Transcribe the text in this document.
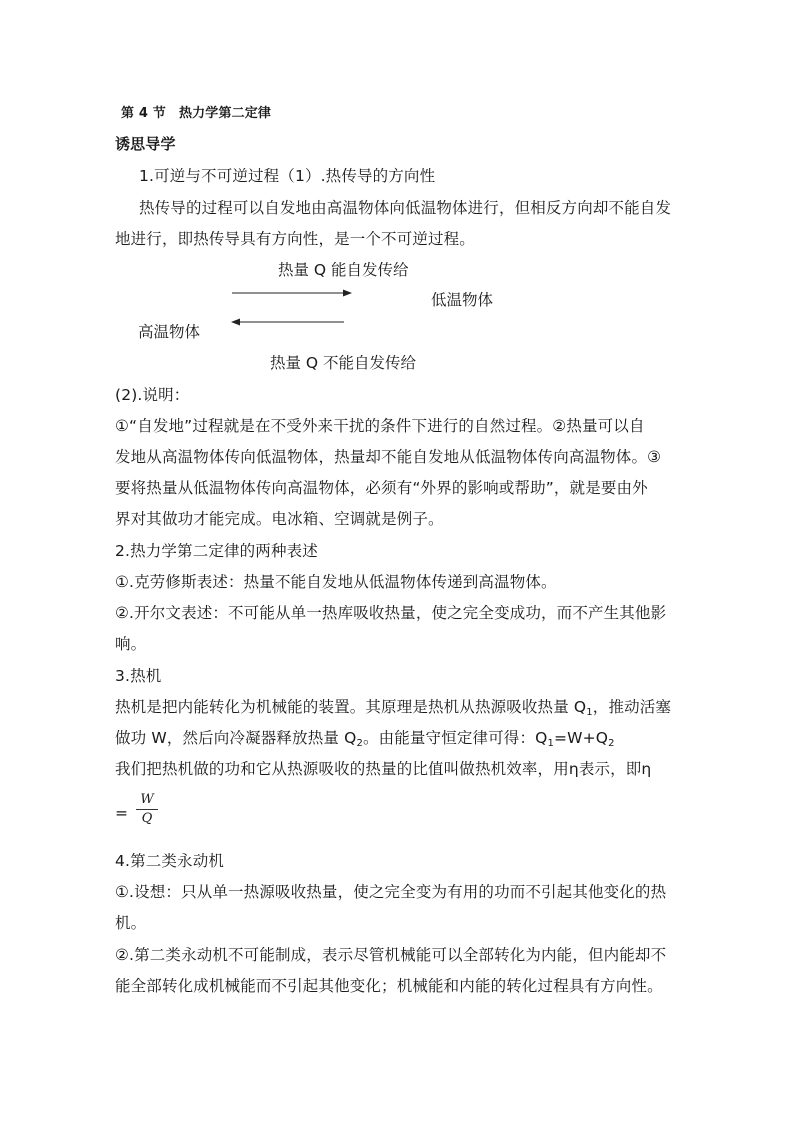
第 4 节　热力学第二定律
诱思导学
1.可逆与不可逆过程（1）.热传导的方向性
热传导的过程可以自发地由高温物体向低温物体进行，但相反方向却不能自发
地进行，即热传导具有方向性，是一个不可逆过程。
热量 Q 能自发传给
低温物体
高温物体
热量 Q 不能自发传给
(2).说明：
①“自发地”过程就是在不受外来干扰的条件下进行的自然过程。②热量可以自
发地从高温物体传向低温物体，热量却不能自发地从低温物体传向高温物体。③
要将热量从低温物体传向高温物体，必须有“外界的影响或帮助”，就是要由外
界对其做功才能完成。电冰箱、空调就是例子。
2.热力学第二定律的两种表述
①.克劳修斯表述：热量不能自发地从低温物体传递到高温物体。
②.开尔文表述：不可能从单一热库吸收热量，使之完全变成功，而不产生其他影
响。
3.热机
热机是把内能转化为机械能的装置。其原理是热机从热源吸收热量 $Q_1$，推动活塞
做功 W，然后向冷凝器释放热量 $Q_2$。由能量守恒定律可得：$Q_1=W+Q_2$
我们把热机做的功和它从热源吸收的热量的比值叫做热机效率，用η表示，即η
=
W
Q
4.第二类永动机
①.设想：只从单一热源吸收热量，使之完全变为有用的功而不引起其他变化的热
机。
②.第二类永动机不可能制成，表示尽管机械能可以全部转化为内能，但内能却不
能全部转化成机械能而不引起其他变化；机械能和内能的转化过程具有方向性。
